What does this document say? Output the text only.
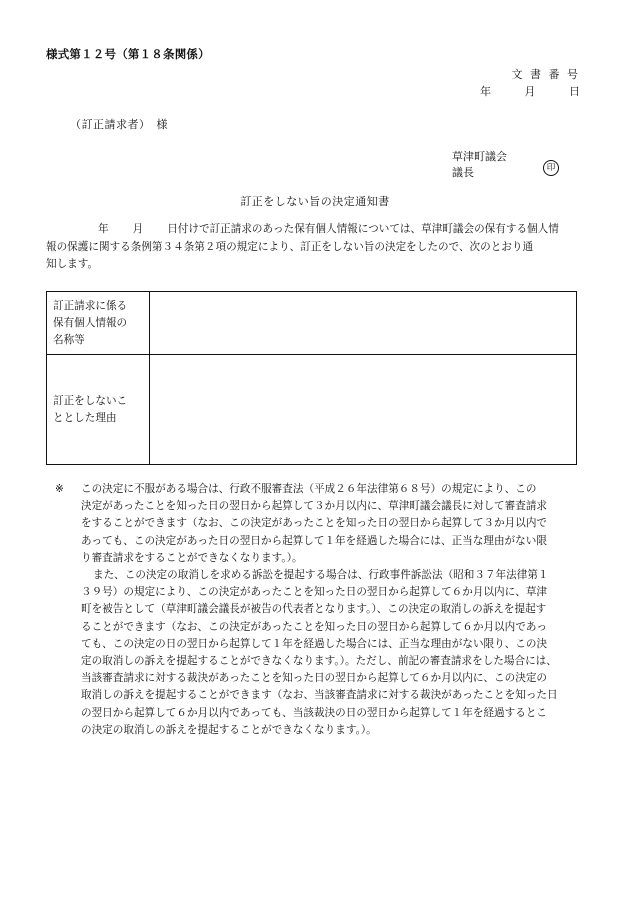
様式第１２号（第１８条関係）
文 書 番 号
年	月	日
（訂正請求者）　様
草津町議会
議長	印
訂正をしない旨の決定通知書
年 月 日付けで訂正請求のあった保有個人情報については、草津町議会の保有する個人情
報の保護に関する条例第３４条第２項の規定により、訂正をしない旨の決定をしたので、次のとおり通
知します。
訂正請求に係る
保有個人情報の
名称等	

訂正をしないこ
ととした理由	

※ この決定に不服がある場合は、行政不服審査法（平成２６年法律第６８号）の規定により、この
決定があったことを知った日の翌日から起算して３か月以内に、草津町議会議長に対して審査請求
をすることができます（なお、この決定があったことを知った日の翌日から起算して３か月以内で
あっても、この決定があった日の翌日から起算して１年を経過した場合には、正当な理由がない限
り審査請求をすることができなくなります。）。
また、この決定の取消しを求める訴訟を提起する場合は、行政事件訴訟法（昭和３７年法律第１
３９号）の規定により、この決定があったことを知った日の翌日から起算して６か月以内に、草津
町を被告として（草津町議会議長が被告の代表者となります。）、この決定の取消しの訴えを提起す
ることができます（なお、この決定があったことを知った日の翌日から起算して６か月以内であっ
ても、この決定の日の翌日から起算して１年を経過した場合には、正当な理由がない限り、この決
定の取消しの訴えを提起することができなくなります。）。ただし、前記の審査請求をした場合には、
当該審査請求に対する裁決があったことを知った日の翌日から起算して６か月以内に、この決定の
取消しの訴えを提起することができます（なお、当該審査請求に対する裁決があったことを知った日
の翌日から起算して６か月以内であっても、当該裁決の日の翌日から起算して１年を経過するとこ
の決定の取消しの訴えを提起することができなくなります。）。
